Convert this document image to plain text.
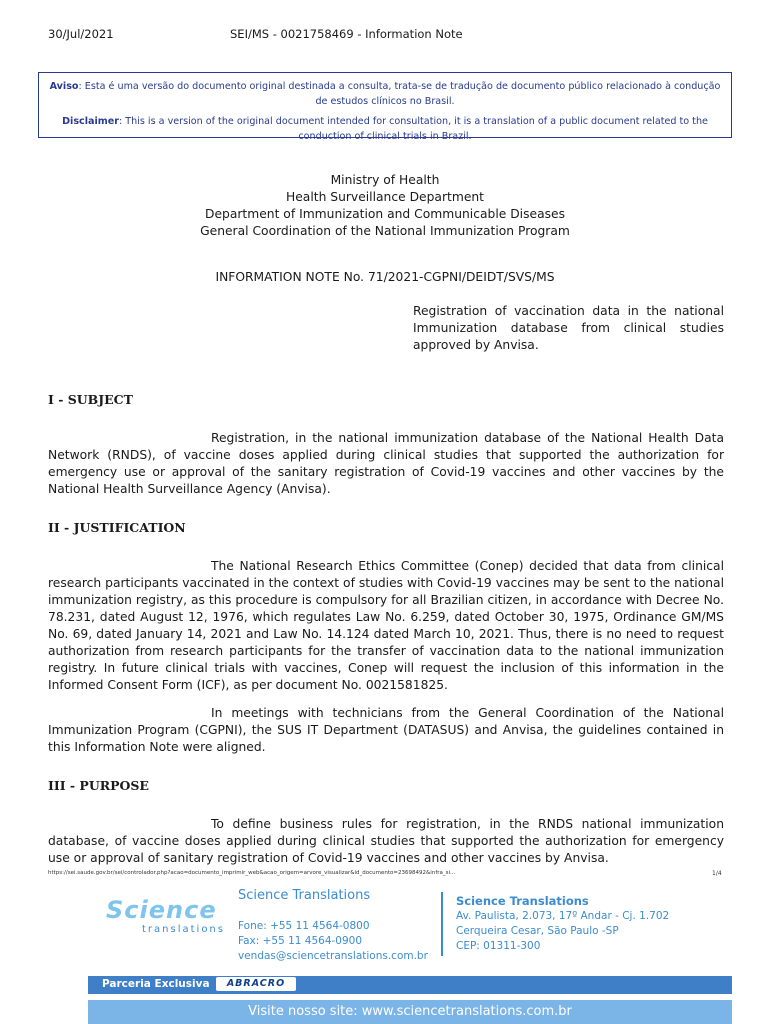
30/Jul/2021	SEI/MS - 0021758469 - Information Note

Aviso: Esta é uma versão do documento original destinada a consulta, trata-se de tradução de documento público relacionado à condução de estudos clínicos no Brasil.

Disclaimer: This is a version of the original document intended for consultation, it is a translation of a public document related to the conduction of clinical trials in Brazil.

Ministry of Health
Health Surveillance Department
Department of Immunization and Communicable Diseases
General Coordination of the National Immunization Program
INFORMATION NOTE No. 71/2021-CGPNI/DEIDT/SVS/MS
Registration of vaccination data in the national Immunization database from clinical studies approved by Anvisa.
I - SUBJECT
Registration, in the national immunization database of the National Health Data Network (RNDS), of vaccine doses applied during clinical studies that supported the authorization for emergency use or approval of the sanitary registration of Covid-19 vaccines and other vaccines by the National Health Surveillance Agency (Anvisa).
II - JUSTIFICATION
The National Research Ethics Committee (Conep) decided that data from clinical research participants vaccinated in the context of studies with Covid-19 vaccines may be sent to the national immunization registry, as this procedure is compulsory for all Brazilian citizen, in accordance with Decree No. 78.231, dated August 12, 1976, which regulates Law No. 6.259, dated October 30, 1975, Ordinance GM/MS No. 69, dated January 14, 2021 and Law No. 14.124 dated March 10, 2021. Thus, there is no need to request authorization from research participants for the transfer of vaccination data to the national immunization registry. In future clinical trials with vaccines, Conep will request the inclusion of this information in the Informed Consent Form (ICF), as per document No. 0021581825.
In meetings with technicians from the General Coordination of the National Immunization Program (CGPNI), the SUS IT Department (DATASUS) and Anvisa, the guidelines contained in this Information Note were aligned.
III - PURPOSE
To define business rules for registration, in the RNDS national immunization database, of vaccine doses applied during clinical studies that supported the authorization for emergency use or approval of sanitary registration of Covid-19 vaccines and other vaccines by Anvisa.
https://sei.saude.gov.br/sei/controlador.php?acao=documento_imprimir_web&acao_origem=arvore_visualizar&id_documento=23698492&infra_si...	1/4
Science
translations
Science Translations
Fone: +55 11 4564-0800
Fax: +55 11 4564-0900
vendas@sciencetranslations.com.br
Science Translations
Av. Paulista, 2.073, 17º Andar - Cj. 1.702
Cerqueira Cesar, São Paulo -SP
CEP: 01311-300
Parceria Exclusiva	ABRACRO
Visite nosso site: www.sciencetranslations.com.br
